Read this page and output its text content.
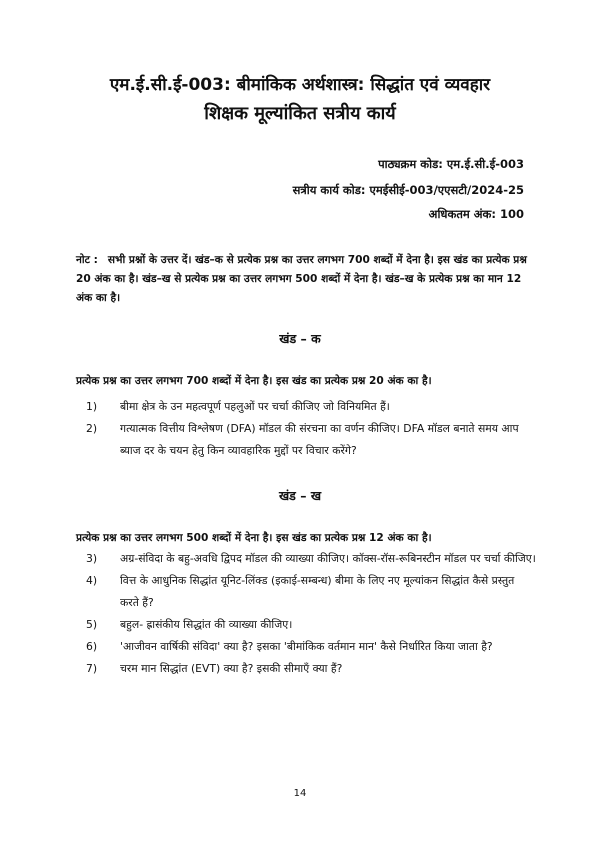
एम.ई.सी.ई-003: बीमांकिक अर्थशास्त्र: सिद्धांत एवं व्यवहार
शिक्षक मूल्यांकित सत्रीय कार्य
पाठ्यक्रम कोड: एम.ई.सी.ई-003
सत्रीय कार्य कोड: एमईसीई-003/एएसटी/2024-25
अधिकतम अंक: 100
नोट : सभी प्रश्नों के उत्तर दें। खंड–क से प्रत्येक प्रश्न का उत्तर लगभग 700 शब्दों में देना है। इस खंड का प्रत्येक प्रश्न 20 अंक का है। खंड–ख से प्रत्येक प्रश्न का उत्तर लगभग 500 शब्दों में देना है। खंड–ख के प्रत्येक प्रश्न का मान 12 अंक का है।
खंड – क
प्रत्येक प्रश्न का उत्तर लगभग 700 शब्दों में देना है। इस खंड का प्रत्येक प्रश्न 20 अंक का है।
1)	बीमा क्षेत्र के उन महत्वपूर्ण पहलुओं पर चर्चा कीजिए जो विनियमित हैं।
2)	गत्यात्मक वित्तीय विश्लेषण (DFA) मॉडल की संरचना का वर्णन कीजिए। DFA मॉडल बनाते समय आप ब्याज दर के चयन हेतु किन व्यावहारिक मुद्दों पर विचार करेंगे?
खंड – ख
प्रत्येक प्रश्न का उत्तर लगभग 500 शब्दों में देना है। इस खंड का प्रत्येक प्रश्न 12 अंक का है।
3)	अग्र-संविदा के बहु-अवधि द्विपद मॉडल की व्याख्या कीजिए। कॉक्स-रॉस-रूबिनस्टीन मॉडल पर चर्चा कीजिए।
4)	वित्त के आधुनिक सिद्धांत यूनिट-लिंक्ड (इकाई-सम्बन्ध) बीमा के लिए नए मूल्यांकन सिद्धांत कैसे प्रस्तुत करते हैं?
5)	बहुल- ह्रासंकीय सिद्धांत की व्याख्या कीजिए।
6)	'आजीवन वार्षिकी संविदा' क्या है? इसका 'बीमांकिक वर्तमान मान' कैसे निर्धारित किया जाता है?
7)	चरम मान सिद्धांत (EVT) क्या है? इसकी सीमाएँ क्या हैं?
14
